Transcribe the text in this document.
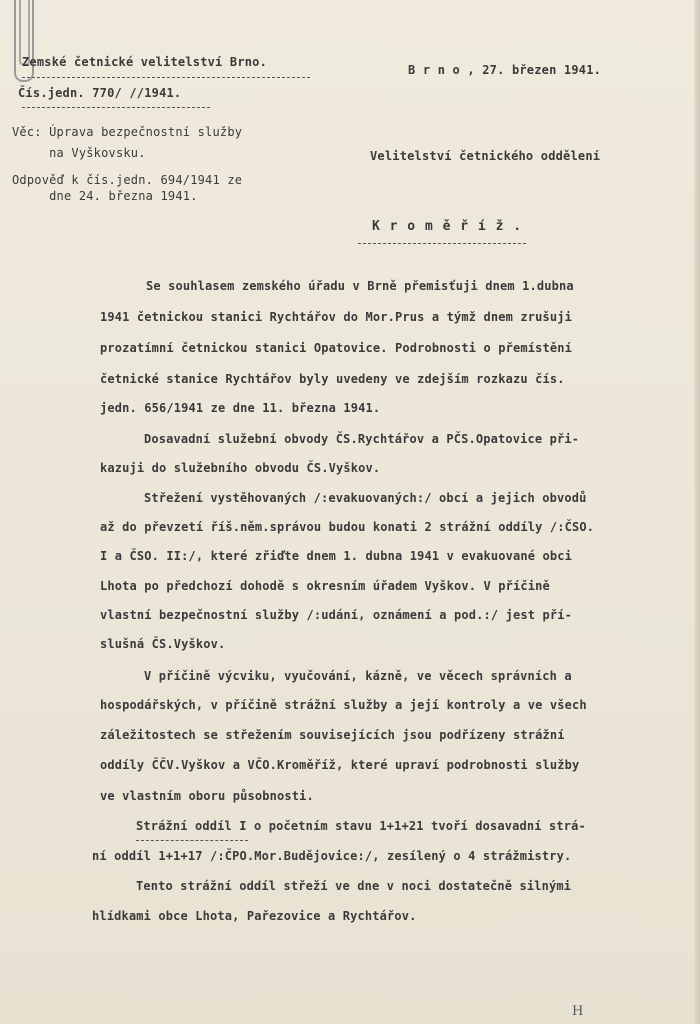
Zemské četnické velitelství Brno.
Čís.jedn. 770/ //1941.
B r n o , 27. březen 1941.
Věc: Úprava bezpečnostní služby
na Vyškovsku.
Odpověď k čís.jedn. 694/1941 ze
dne 24. března 1941.
Velitelství četnického oddělení
K r o m ě ř í ž .
Se souhlasem zemského úřadu v Brně přemisťuji dnem 1.dubna
1941 četnickou stanici Rychtářov do Mor.Prus a týmž dnem zrušuji
prozatímní četnickou stanici Opatovice. Podrobnosti o přemístění
četnické stanice Rychtářov byly uvedeny ve zdejším rozkazu čís.
jedn. 656/1941 ze dne 11. března 1941.
Dosavadní služební obvody ČS.Rychtářov a PČS.Opatovice při-
kazuji do služebního obvodu ČS.Vyškov.
Střežení vystěhovaných /:evakuovaných:/ obcí a jejich obvodů
až do převzetí říš.něm.správou budou konati 2 strážní oddíly /:ČSO.
I a ČSO. II:/, které zřiďte dnem 1. dubna 1941 v evakuované obci
Lhota po předchozí dohodě s okresním úřadem Vyškov. V příčině
vlastní bezpečnostní služby /:udání, oznámení a pod.:/ jest pří-
slušná ČS.Vyškov.
V příčině výcviku, vyučování, kázně, ve věcech správních a
hospodářských, v příčině strážní služby a její kontroly a ve všech
záležitostech se střežením souvisejících jsou podřízeny strážní
oddíly ČČV.Vyškov a VČO.Kroměříž, které upraví podrobnosti služby
ve vlastním oboru působnosti.
Strážní oddíl I o početním stavu 1+1+21 tvoří dosavadní strá-
ní oddíl 1+1+17 /:ČPO.Mor.Budějovice:/, zesílený o 4 strážmistry.
Tento strážní oddíl střeží ve dne v noci dostatečně silnými
hlídkami obce Lhota, Pařezovice a Rychtářov.
H
